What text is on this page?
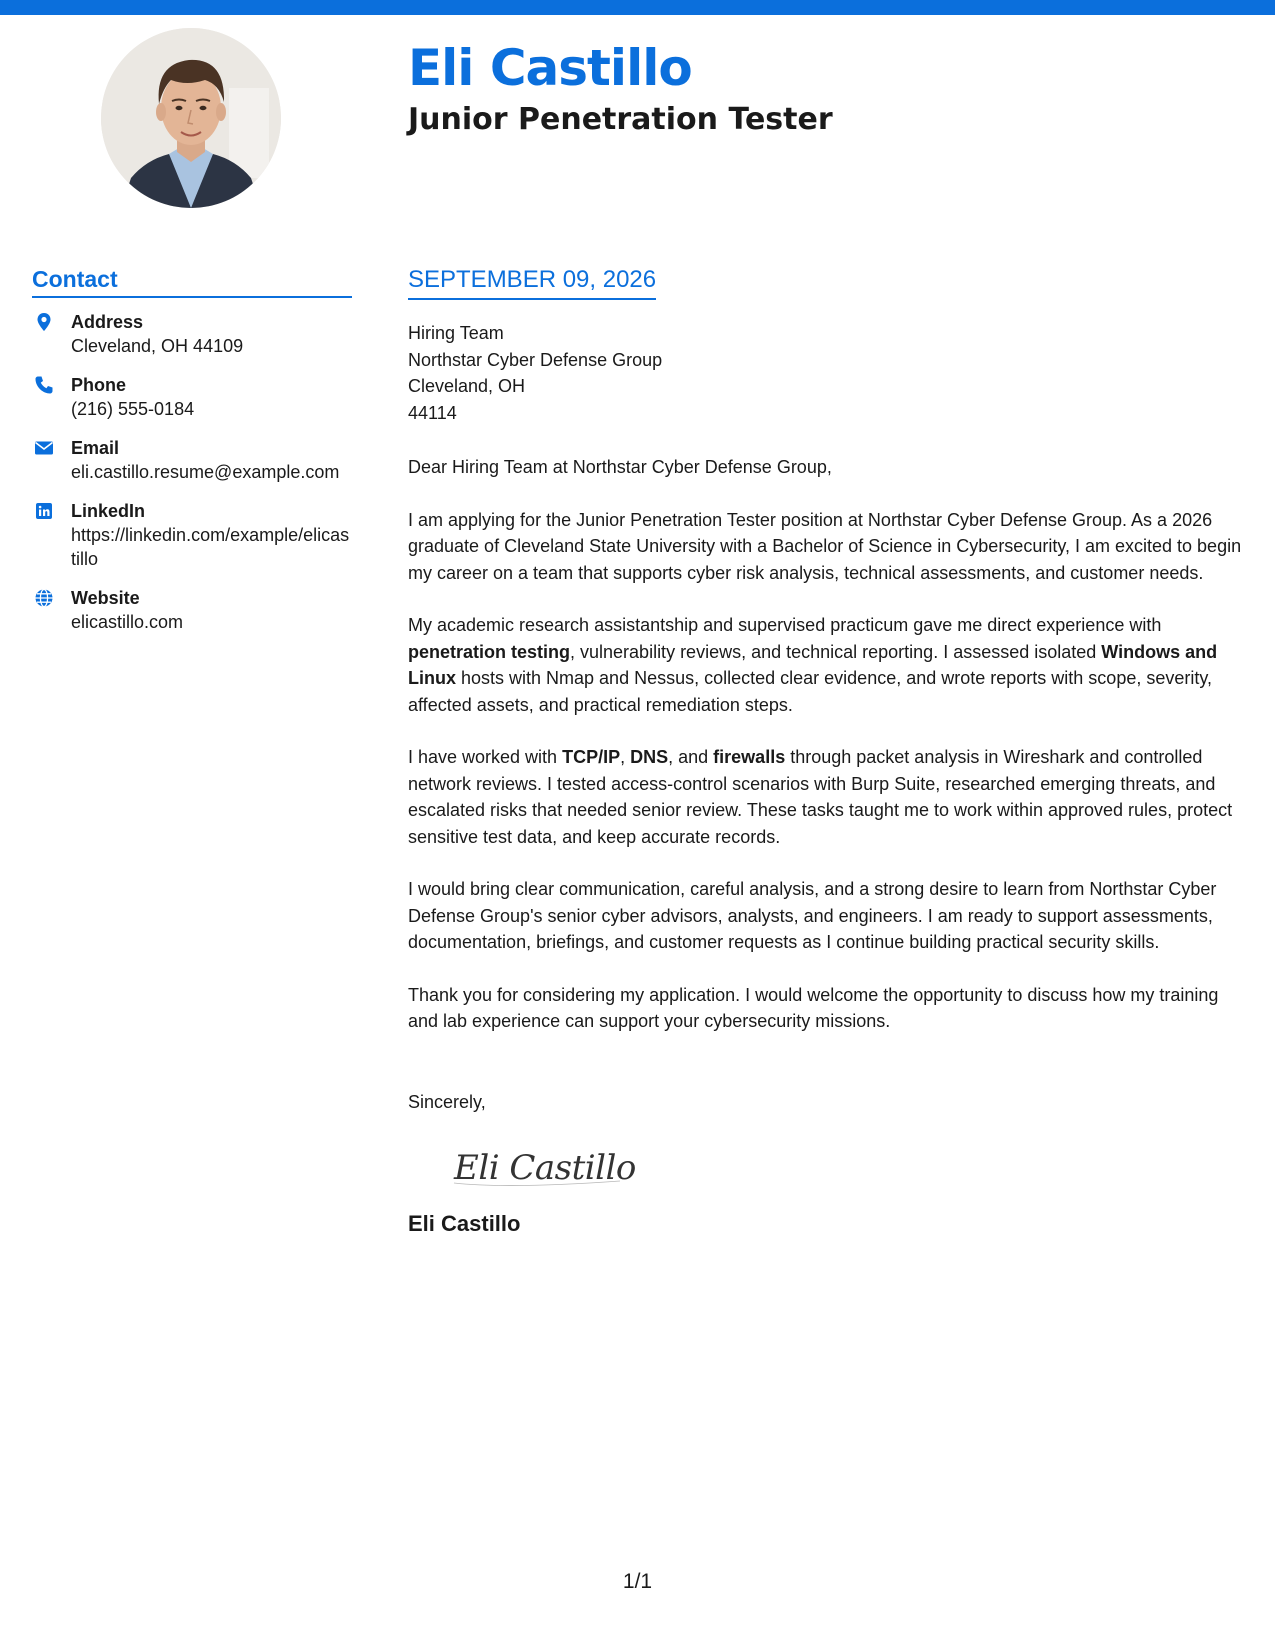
Eli Castillo
Junior Penetration Tester
Contact
Address
Cleveland, OH 44109
Phone
(216) 555-0184
Email
eli.castillo.resume@example.com
LinkedIn
https://linkedin.com/example/elicastillo
Website
elicastillo.com
SEPTEMBER 09, 2026
Hiring Team
Northstar Cyber Defense Group
Cleveland, OH
44114

Dear Hiring Team at Northstar Cyber Defense Group,

I am applying for the Junior Penetration Tester position at Northstar Cyber Defense Group. As a 2026 graduate of Cleveland State University with a Bachelor of Science in Cybersecurity, I am excited to begin my career on a team that supports cyber risk analysis, technical assessments, and customer needs.

My academic research assistantship and supervised practicum gave me direct experience with penetration testing, vulnerability reviews, and technical reporting. I assessed isolated Windows and Linux hosts with Nmap and Nessus, collected clear evidence, and wrote reports with scope, severity, affected assets, and practical remediation steps.

I have worked with TCP/IP, DNS, and firewalls through packet analysis in Wireshark and controlled network reviews. I tested access-control scenarios with Burp Suite, researched emerging threats, and escalated risks that needed senior review. These tasks taught me to work within approved rules, protect sensitive test data, and keep accurate records.

I would bring clear communication, careful analysis, and a strong desire to learn from Northstar Cyber Defense Group's senior cyber advisors, analysts, and engineers. I am ready to support assessments, documentation, briefings, and customer requests as I continue building practical security skills.

Thank you for considering my application. I would welcome the opportunity to discuss how my training and lab experience can support your cybersecurity missions.

Sincerely,

Eli Castillo
Eli Castillo
1/1
